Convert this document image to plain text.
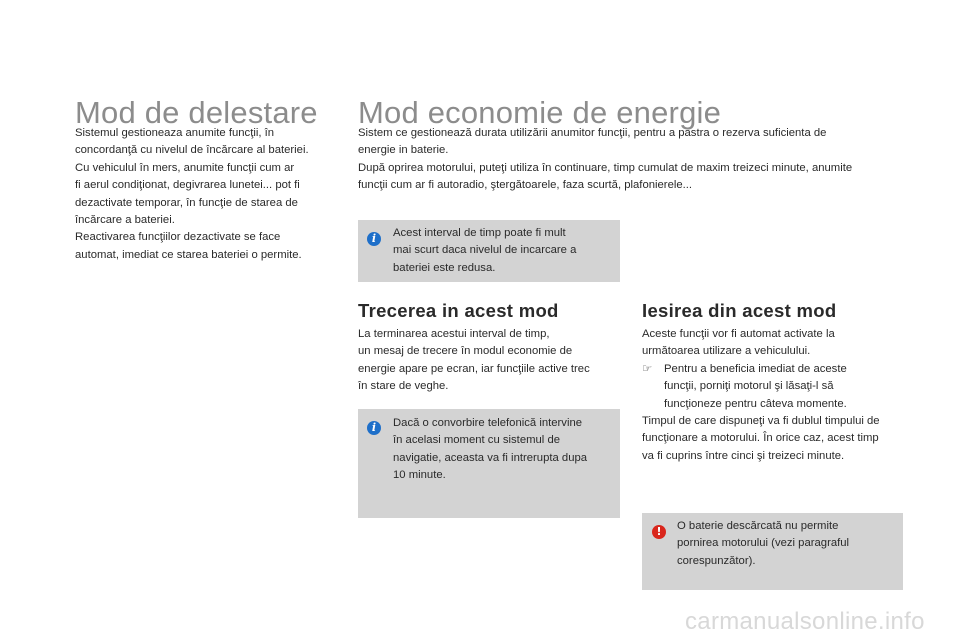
Mod de delestare

Sistemul gestioneaza anumite funcţii, în

concordanţă cu nivelul de încărcare al bateriei.

Cu vehiculul în mers, anumite funcţii cum ar

fi aerul condiţionat, degivrarea lunetei... pot fi

dezactivate temporar, în funcţie de starea de

încărcare a bateriei.

Reactivarea funcţiilor dezactivate se face

automat, imediat ce starea bateriei o permite.

Mod economie de energie

Sistem ce gestionează durata utilizării anumitor funcţii, pentru a pastra o rezerva suficienta de

energie in baterie.

După oprirea motorului, puteţi utiliza în continuare, timp cumulat de maxim treizeci minute, anumite

funcţii cum ar fi autoradio, ştergătoarele, faza scurtă, plafonierele...

i	Acest interval de timp poate fi mult

mai scurt daca nivelul de incarcare a

bateriei este redusa.

Trecerea in acest mod

La terminarea acestui interval de timp,

un mesaj de trecere în modul economie de

energie apare pe ecran, iar funcţiile active trec

în stare de veghe.

i	Dacă o convorbire telefonică intervine

în acelasi moment cu sistemul de

navigatie, aceasta va fi intrerupta dupa

10 minute.

Iesirea din acest mod

Aceste funcţii vor fi automat activate la

următoarea utilizare a vehiculului.

☞	Pentru a beneficia imediat de aceste

funcţii, porniţi motorul şi lăsaţi-l să

funcţioneze pentru câteva momente.

Timpul de care dispuneţi va fi dublul timpului de

funcţionare a motorului. În orice caz, acest timp

va fi cuprins între cinci şi treizeci minute.

!	O baterie descărcată nu permite

pornirea motorului (vezi paragraful

corespunzător).

carmanualsonline.info
